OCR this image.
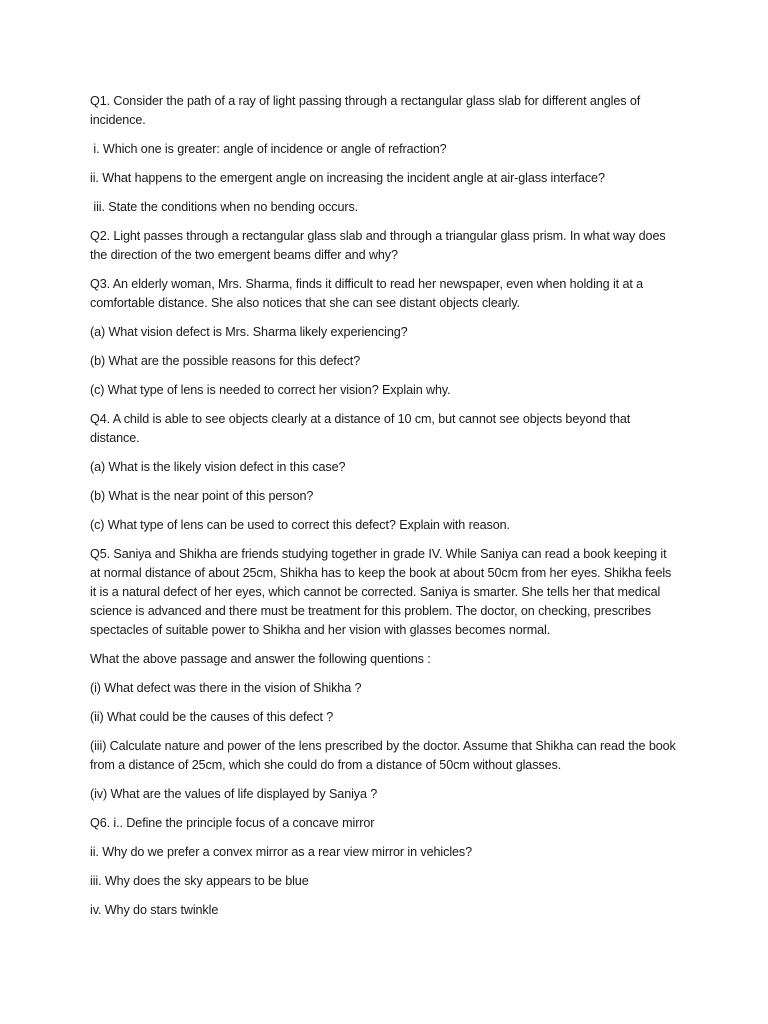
Q1. Consider the path of a ray of light passing through a rectangular glass slab for different angles of incidence.

i. Which one is greater: angle of incidence or angle of refraction?

ii. What happens to the emergent angle on increasing the incident angle at air-glass interface?

iii. State the conditions when no bending occurs.

Q2. Light passes through a rectangular glass slab and through a triangular glass prism. In what way does the direction of the two emergent beams differ and why?

Q3. An elderly woman, Mrs. Sharma, finds it difficult to read her newspaper, even when holding it at a comfortable distance. She also notices that she can see distant objects clearly.

(a) What vision defect is Mrs. Sharma likely experiencing?

(b) What are the possible reasons for this defect?

(c) What type of lens is needed to correct her vision? Explain why.

Q4. A child is able to see objects clearly at a distance of 10 cm, but cannot see objects beyond that distance.

(a) What is the likely vision defect in this case?

(b) What is the near point of this person?

(c) What type of lens can be used to correct this defect? Explain with reason.

Q5. Saniya and Shikha are friends studying together in grade IV. While Saniya can read a book keeping it at normal distance of about 25cm, Shikha has to keep the book at about 50cm from her eyes. Shikha feels it is a natural defect of her eyes, which cannot be corrected. Saniya is smarter. She tells her that medical science is advanced and there must be treatment for this problem. The doctor, on checking, prescribes spectacles of suitable power to Shikha and her vision with glasses becomes normal.

What the above passage and answer the following quentions :

(i) What defect was there in the vision of Shikha ?

(ii) What could be the causes of this defect ?

(iii) Calculate nature and power of the lens prescribed by the doctor. Assume that Shikha can read the book from a distance of 25cm, which she could do from a distance of 50cm without glasses.

(iv) What are the values of life displayed by Saniya ?

Q6. i.. Define the principle focus of a concave mirror

ii. Why do we prefer a convex mirror as a rear view mirror in vehicles?

iii. Why does the sky appears to be blue

iv. Why do stars twinkle
